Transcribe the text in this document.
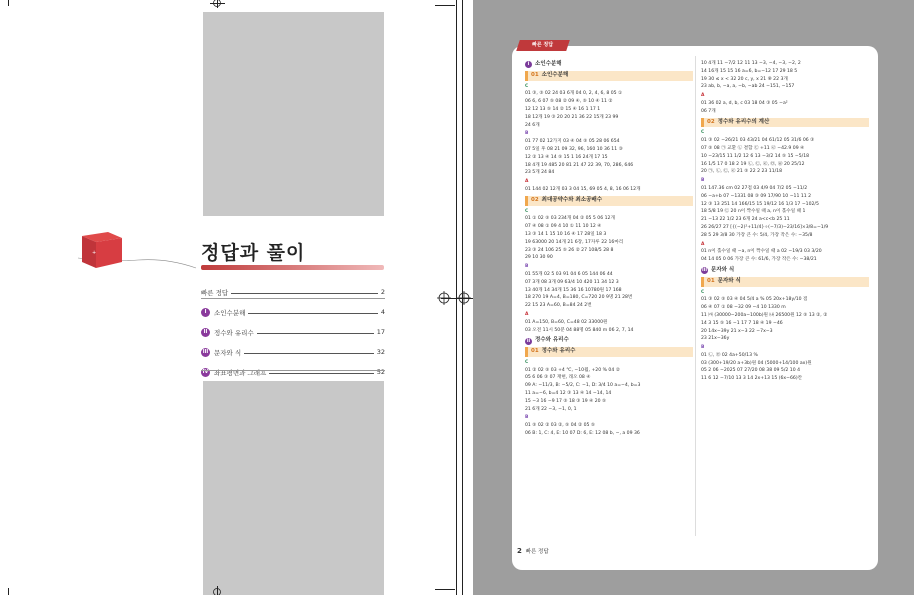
+	정답과 풀이
빠른 정답	2
I	소인수분해	4
II	정수와 유리수	17
III 문자와 식	32
IV 좌표평면과 그래프	52
빠른 정답
I	소인수분해
01 소인수분해
C
01 ③, ⑤ 02 24 03 6개 04 0, 2, 4, 6, 8 05 ①
06 6, 6 07 ⑤ 08 ② 09 ④, ⑤ 10 ④ 11 ②
12 12 13 ⑤ 14 ② 15 ④ 16 1 17 1
18 12개 19 ③ 20 20 21 36 22 15개 23 99
24 6개
B
01 77 02 12가지 03 ④ 04 ⑤ 05 28 06 654
07 5일 후 08 21 09 32, 96, 160 10 36 11 ③
12 ② 13 ④ 14 ⑤ 15 1 16 24개 17 15
18 4개 19 485 20 81 21 47 22 39, 70, 286, 646
23 5개 24 84
A
01 144 02 12개 03 3 04 15, 69 05 4, 8, 16 06 12개
02 최대공약수와 최소공배수
C
01 ① 02 ⑤ 03 234개 04 ② 05 5 06 12개
07 ④ 08 ① 09 4 10 ① 11 10 12 ④
13 ③ 14 1 15 10 16 ④ 17 28일 18 3
19 63000 20 14개 21 6장, 17자루 22 16마리
23 ③ 24 106 25 ⑤ 26 ② 27 108/5 28 8
29 10 30 90
B
01 55개 02 5 03 91 04 6 05 144 06 44
07 3개 08 3개 09 63/4 10 420 11 34 12 3
13 40개 14 34개 15 36 16 10780원 17 168
18 270 19 A=4, B=180, C=720 20 9명 21 28번
22 15 23 A=60, B=84 24 2번
A
01 A=150, B=60, C=48 02 33000원
03 오전 11시 50분 04 88명 05 840 m 06 2, 7, 14
II 정수와 유리수
01 정수와 유리수
C
01 ② 02 ⑤ 03 +4 ℃, −10월, +20 % 04 ②
05 6 06 ③ 07 재현, 래오 08 ④
09 A: −11/3, B: −5/2, C: −1, D: 3/4 10 a=−4, b=3
11 a=−6, b=4 12 ③ 13 ④ 14 −14, 14
15 −3 16 −9 17 ⑤ 18 ③ 19 ④ 20 ⑤
21 6개 22 −3, −1, 0, 1
B
01 ⑤ 02 ② 03 ②, ⑤ 04 ② 05 ⑤
06 B: 1, C: 4, E: 10 07 D: 6, E: 12 08 b, −, a 09 36
10 4개 11 −7/2 12 11 13 −3, −4, −3, −2, 2
14 16개 15 15 16 a=6, b=−12 17 29 18 5
19 30 ≤ x < 32 20 c, y, x 21 ⑧ 22 3개
23 ab, b, −a, a, −b, −ab 24 −151, −157
A
01 36 02 a, d, b, c 03 18 04 ③ 05 −a²
06 7개
02 정수와 유리수의 계산
C
01 ③ 02 −26/21 03 43/21 04 61/12 05 31/6 06 ③
07 ⑤ 08 ㉠ 교환 ㉡ 결합 ㉢ +11 ㉣ −42.9 09 ④
10 −23/15 11 1/2 12 6 13 −3/2 14 ⑤ 15 −5/18
16 1/5 17 0 18 2 19 ㉡, ㉢, ㉣, ㉤, ㉥ 20 25/12
20 ㉠, ㉡, ㉢, ㉣ 21 ⑤ 22 2 23 11/18
B
01 147.36 cm 02 27점 03 4/9 04 7/2 05 −11/2
06 −a+b 07 −1331 08 ③ 09 17/90 10 −11 11 2
12 ③ 13 251 14 166/15 15 19/12 16 1/3 17 −102/5
18 5/8 19 ㉢ 20 n이 짝수일 때 a, n이 홀수일 때 1
21 −13 22 1/2 23 6개 24 a<c<b 25 11
26 26/27 27 [{(−2)²+11/4}÷(−7/3)−23/16]×3/8=−1/9
28 5 29 3/8 30 가장 큰 수: 5/4, 가장 작은 수: −35/8
A
01 n이 홀수일 때 −a, n이 짝수일 때 a 02 −19/3 03 3/20
04 14 05 0 06 가장 큰 수: 61/6, 가장 작은 수: −38/21
III 문자와 식
01 문자와 식
C
01 ③ 02 ⑤ 03 ④ 04 5/4 a % 05 20x+18y/10 점
06 ④ 07 ① 08 −32 09 −4 10 1330 m
11 ㈎ (30000−200a−100b)원 ㈏ 26500원 12 ⑤ 13 ②, ②
14 3 15 ⑤ 16 −1 17 7 18 ④ 19 −46
20 14x−39y 21 x−3 22 −7x−3
23 21x−36y
B
01 ㉡, ㉤ 02 4a+50/13 %
03 (300+19/20 a+3b)원 04 (5000+14/100 ax)원
05 2 06 −2025 07 27/20 08 38 09 5/2 10 4
11 6 12 −7/10 13 3 14 2x+13 15 (6x−66)칸
2 빠른 정답
